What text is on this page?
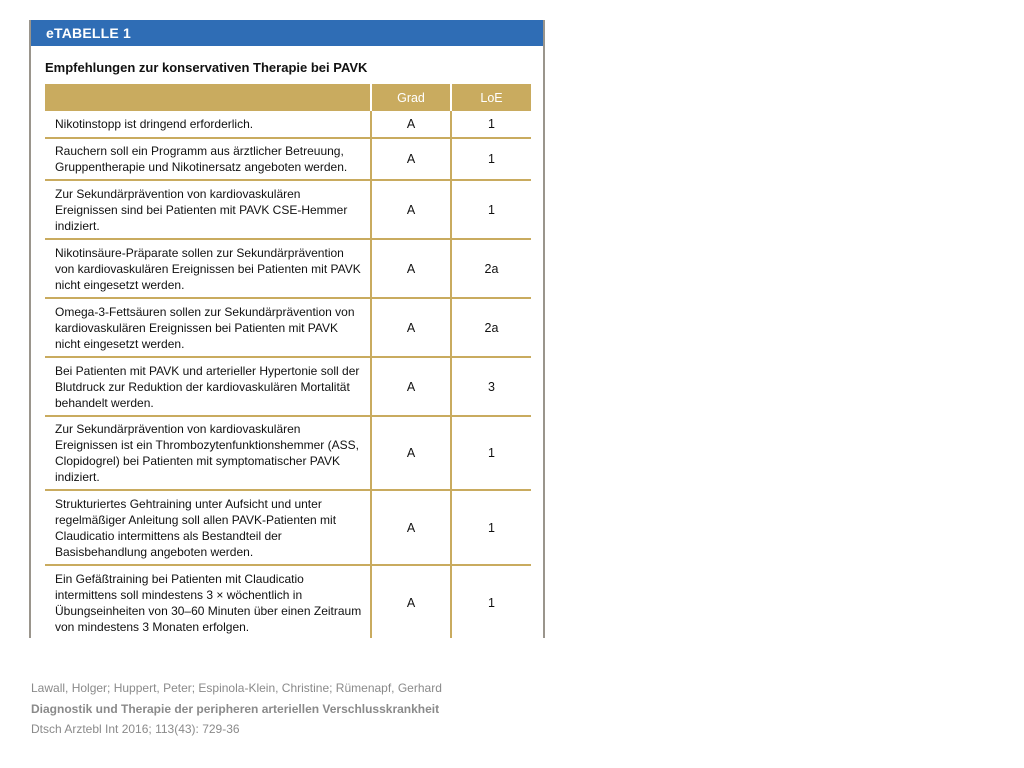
eTABELLE 1
Empfehlungen zur konservativen Therapie bei PAVK
	Grad	LoE
Nikotinstopp ist dringend erforderlich.	A	1
Rauchern soll ein Programm aus ärztlicher Betreuung, Gruppentherapie und Nikotinersatz angeboten werden.	A	1
Zur Sekundärprävention von kardiovaskulären Ereignissen sind bei Patienten mit PAVK CSE-Hemmer indiziert.	A	1
Nikotinsäure-Präparate sollen zur Sekundärprävention von kardiovaskulären Ereignissen bei Patienten mit PAVK nicht eingesetzt werden.	A	2a
Omega-3-Fettsäuren sollen zur Sekundärprävention von kardiovaskulären Ereignissen bei Patienten mit PAVK nicht eingesetzt werden.	A	2a
Bei Patienten mit PAVK und arterieller Hypertonie soll der Blutdruck zur Reduktion der kardiovaskulären Mortalität behandelt werden.	A	3
Zur Sekundärprävention von kardiovaskulären Ereignissen ist ein Thrombozytenfunktionshemmer (ASS, Clopidogrel) bei Patienten mit symptomatischer PAVK indiziert.	A	1
Strukturiertes Gehtraining unter Aufsicht und unter regelmäßiger Anleitung soll allen PAVK-Patienten mit Claudicatio intermittens als Bestandteil der Basisbehandlung angeboten werden.	A	1
Ein Gefäßtraining bei Patienten mit Claudicatio intermittens soll mindestens 3 × wöchentlich in Übungseinheiten von 30–60 Minuten über einen Zeitraum von mindestens 3 Monaten erfolgen.	A	1
Lawall, Holger; Huppert, Peter; Espinola-Klein, Christine; Rümenapf, Gerhard
Diagnostik und Therapie der peripheren arteriellen Verschlusskrankheit
Dtsch Arztebl Int 2016; 113(43): 729-36
